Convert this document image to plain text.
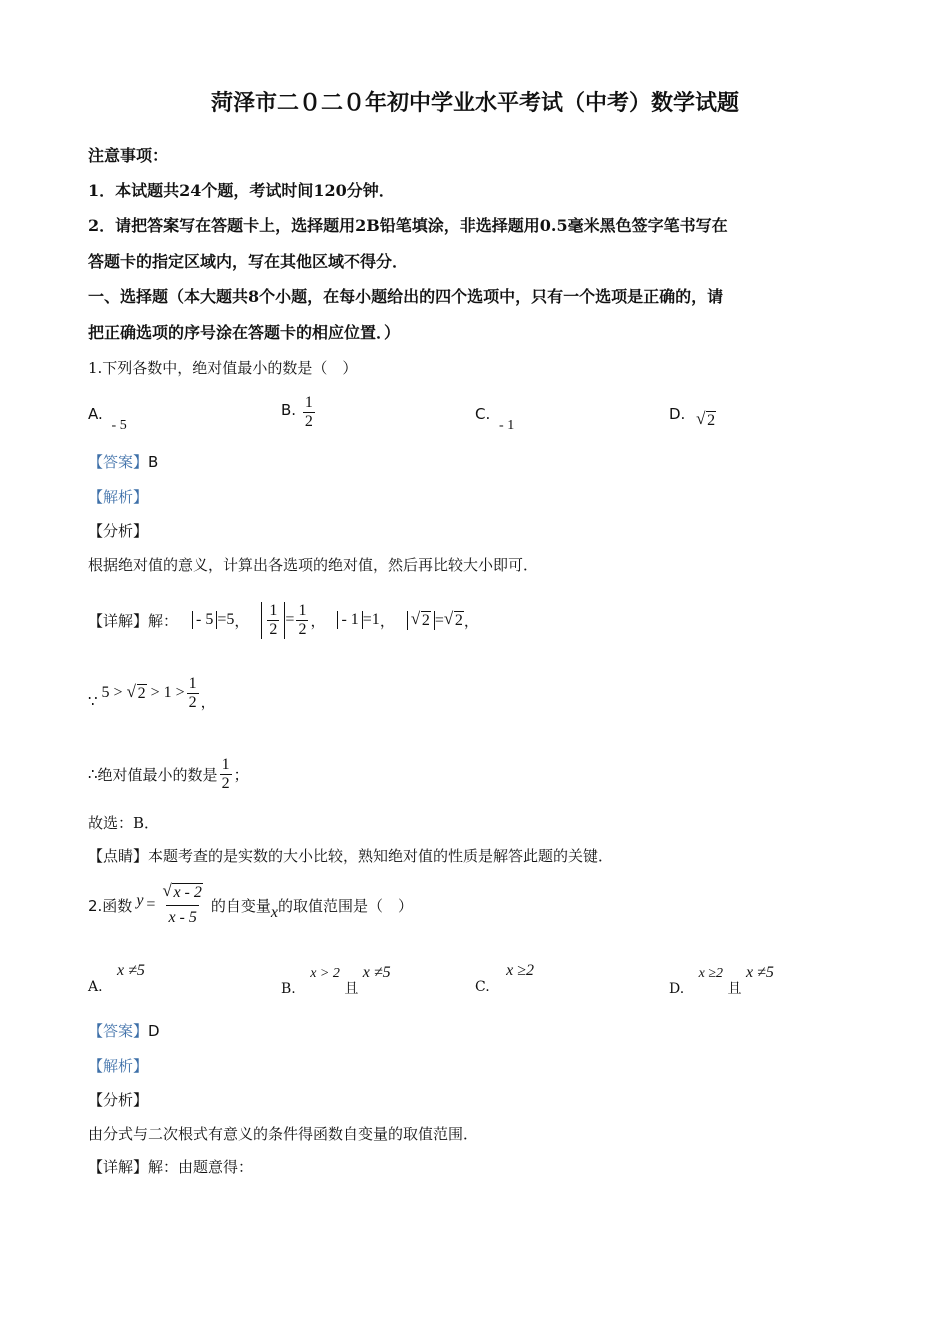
菏泽市二０二０年初中学业水平考试（中考）数学试题
注意事项：
1．本试题共24个题，考试时间120分钟．
2．请把答案写在答题卡上，选择题用2B铅笔填涂，非选择题用0.5毫米黑色签字笔书写在
答题卡的指定区域内，写在其他区域不得分．
一、选择题（本大题共8个小题，在每小题给出的四个选项中，只有一个选项是正确的，请
把正确选项的序号涂在答题卡的相应位置．）
1.下列各数中，绝对值最小的数是（　）
A. - 5
B. $\frac{1}{2}$	C. - 1
D. √ 2
【答案】B
【解析】
【分析】
根据绝对值的意义，计算出各选项的绝对值，然后再比较大小即可．
【详解】 解： - 5 =5 ， $\frac{1}{2} = \frac{1}{2}$ ， - 1 =1 ，	√ 2 = √ 2 ，
∵ 5 > √ $2 > 1 > \frac{1}{2}$ ，
∴ 绝对值最小的数是 $\frac{1}{2}$ ；
故选：B．
【点睛】本题考查的是实数的大小比较，熟知绝对值的性质是解答此题的关键．
2.函数 y = √ $\frac{x - 2}{x - 5}$ 的自变量 x 的取值范围是（　）
A. x ≠5
B. x > 2 且 x ≠5
C. x ≥2
D. x ≥2 且 x ≠5
【答案】D
【解析】
【分析】
由分式与二次根式有意义的条件得函数自变量的取值范围．
【详解】解：由题意得：
